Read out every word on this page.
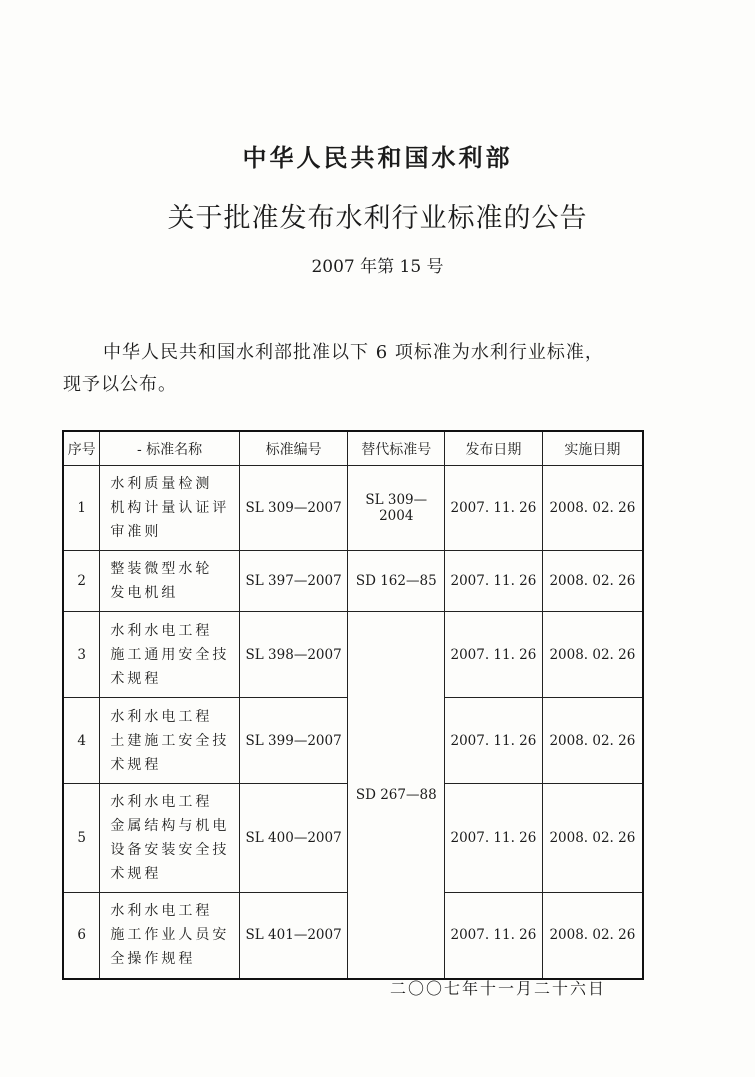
中华人民共和国水利部
关于批准发布水利行业标准的公告
2007 年第 15 号
中华人民共和国水利部批准以下 6 项标准为水利行业标准，
现予以公布。
序号	- 标准名称	标准编号	替代标准号	发布日期	实施日期
1	水利质量检测
机构计量认证评
审准则	SL 309—2007	SL 309—2004	2007. 11. 26	2008. 02. 26
2	整装微型水轮
发电机组	SL 397—2007	SD 162—85	2007. 11. 26	2008. 02. 26
3	水利水电工程
施工通用安全技
术规程	SL 398—2007	SD 267—88	2007. 11. 26	2008. 02. 26
4	水利水电工程
土建施工安全技
术规程	SL 399—2007		2007. 11. 26	2008. 02. 26
5	水利水电工程
金属结构与机电
设备安装安全技
术规程	SL 400—2007		2007. 11. 26	2008. 02. 26
6	水利水电工程
施工作业人员安
全操作规程	SL 401—2007		2007. 11. 26	2008. 02. 26
二〇〇七年十一月二十六日
